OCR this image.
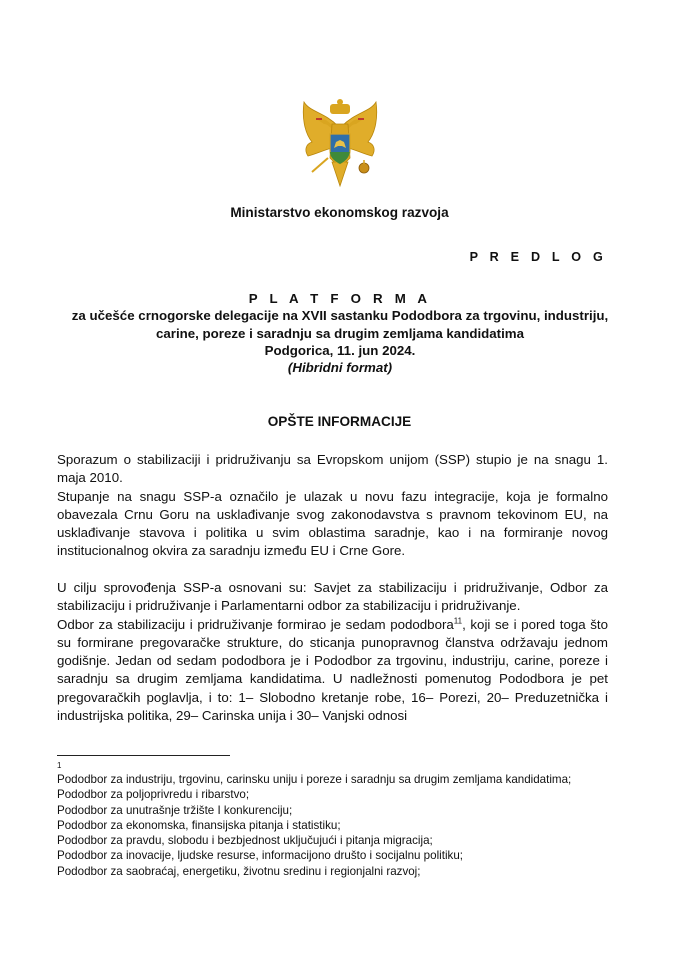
Ministarstvo ekonomskog razvoja
P R E D L O G
P L A T F O R M A
za učešće crnogorske delegacije na XVII sastanku Pododbora za trgovinu, industriju,
carine, poreze i saradnju sa drugim zemljama kandidatima
Podgorica, 11. jun 2024.
(Hibridni format)
OPŠTE INFORMACIJE

Sporazum o stabilizaciji i pridruživanju sa Evropskom unijom (SSP) stupio je na snagu 1. maja 2010.

Stupanje na snagu SSP-a označilo je ulazak u novu fazu integracije, koja je formalno obavezala Crnu Goru na usklađivanje svog zakonodavstva s pravnom tekovinom EU, na usklađivanje stavova i politika u svim oblastima saradnje, kao i na formiranje novog institucionalnog okvira za saradnju između EU i Crne Gore.

U cilju sprovođenja SSP-a osnovani su: Savjet za stabilizaciju i pridruživanje, Odbor za stabilizaciju i pridruživanje i Parlamentarni odbor za stabilizaciju i pridruživanje.

Odbor za stabilizaciju i pridruživanje formirao je sedam pododbora$^{11}$, koji se i pored toga što su formirane pregovaračke strukture, do sticanja punopravnog članstva održavaju jednom godišnje. Jedan od sedam pododbora je i Pododbor za trgovinu, industriju, carine, poreze i saradnju sa drugim zemljama kandidatima. U nadležnosti pomenutog Pododbora je pet pregovaračkih poglavlja, i to: 1– Slobodno kretanje robe, 16– Porezi, 20– Preduzetnička i industrijska politika, 29– Carinska unija i 30– Vanjski odnosi

1
Pododbor za industriju, trgovinu, carinsku uniju i poreze i saradnju sa drugim zemljama kandidatima;
Pododbor za poljoprivredu i ribarstvo;
Pododbor za unutrašnje tržište I konkurenciju;
Pododbor za ekonomska, finansijska pitanja i statistiku;
Pododbor za pravdu, slobodu i bezbjednost uključujući i pitanja migracija;
Pododbor za inovacije, ljudske resurse, informacijono društo i socijalnu politiku;
Pododbor za saobraćaj, energetiku, životnu sredinu i regionjalni razvoj;
